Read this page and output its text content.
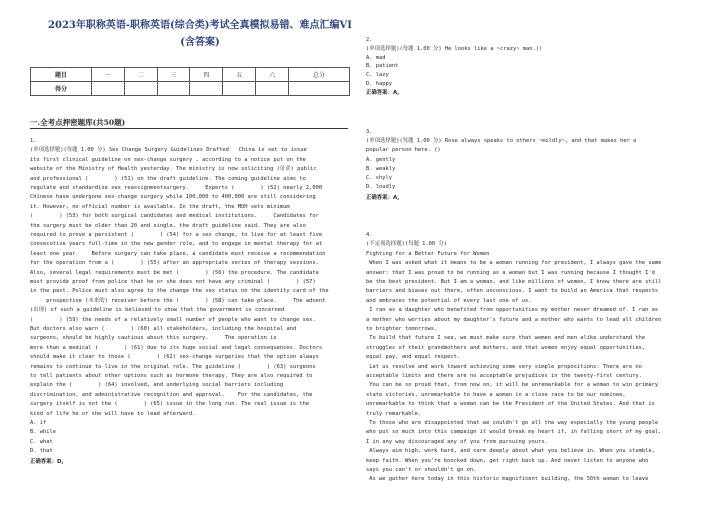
2023年职称英语-职称英语(综合类)考试全真模拟易错、难点汇编VI
(含答案)
题目	一	二	三	四	五	六	总分
得分							
一.全考点押密题库(共50题)
1.
(单项选择题)(每题 1.00 分) Sex Change Surgery Guidelines Drafted   China is set to issue
its first clinical guideline on sex-change surgery , according to a notice put on the
website of the Ministry of Health yesterday. The ministry is now soliciting (征求) public
and professional (        ) (51) on the draft guideline. The coming guideline aims to
regulate and standardize sex reassignmentsurgery.     Experts (        ) (52) nearly 2,000
Chinese have undergone sex-change surgery while 100,000 to 400,000 are still considering
it. However, no official number is available. In the draft, the MOH sets minimum
(        ) (53) for both surgical candidates and medical institutions.     Candidates for
the surgery must be older than 20 and single, the draft guideline said. They are also
required to prove a persistent (        ) (54) for a sex change, to live for at least five
consecutive years full-time in the new gender role, and to engage in mental therapy for at
least one year.    Before surgery can take place, a candidate must receive a recommendation
for the operation from a (        ) (55) after an appropriate series of therapy sessions.
Also, several legal requirements must be met (        ) (56) the procedure. The candidate
must provide proof from police that he or she does not have any criminal (        ) (57)
in the past. Police must also agree to the change the sex status on the identity card of the
prospective (未来的) receiver before the (        ) (58) can take place.     The advent
(出现) of such a guideline is believed to show that the government is concerned
(        ) (59) the needs of a relatively small number of people who want to change sex.
But doctors also warn (        ) (60) all stakeholders, including the hospital and
surgeons, should be highly cautious about this surgery.     The operation is
more than a medical (        ) (61) due to its huge social and legal consequences. Doctors
should make it clear to those (        ) (62) sex-change surgeries that the option always
remains to continue to live in the original role. The guideline (        ) (63) surgeons
to tell patients about other options such as hormone therapy. They are also required to
explain the (        ) (64) involved, and underlying social barriers including
discrimination, and administrative recognition and approval.    For the candidates, the
surgery itself is not the (        ) (65) issue in the long run. The real issue is the
kind of life he or she will have to lead afterward.
A. if
B. while
C. what
D. that
正确答案：D,
2.
(单项选择题)(每题 1.00 分) He looks like a ~crazy~ man.()
A. mad
B. patient
C. lazy
D. happy
正确答案：A,
3.
(单项选择题)(每题 1.00 分) Rose always speaks to others ~mildly~, and that makes her a
popular person here. ()
A. gently
B. weakly
C. shyly
D. loudly
正确答案：A,
4.
(不定项选择题)(每题 1.00 分)
Fighting for a Better Future for Women
When I was asked what it means to be a woman running for president, I always gave the same
answer: that I was proud to be running as a woman but I was running because I thought I'd
be the best president. But I am a woman, and like millions of women, I know there are still
barriers and biases out there, often unconscious. I want to build an America that respects
and embraces the potential of every last one of us.
I ran as a daughter who benefited from opportunities my mother never dreamed of. I ran as
a mother who worries about my daughter's future and a mother who wants to lead all children
to brighter tomorrows.
To build that future I see, we must make sure that women and men alike understand the
struggles of their grandmothers and mothers, and that women enjoy equal opportunities,
equal pay, and equal respect.
Let us resolve and work toward achieving some very simple propositions: There are no
acceptable limits and there are no acceptable prejudices in the twenty-first century.
You can be so proud that, from now on, it will be unremarkable for a woman to win primary
state victories, unremarkable to have a woman in a close race to be our nominee,
unremarkable to think that a woman can be the President of the United States. And that is
truly remarkable.
To those who are disappointed that we couldn't go all the way especially the young people
who put so much into this campaign it would break my heart if, in falling short of my goal,
I in any way discouraged any of you from pursuing yours.
Always aim high, work hard, and care deeply about what you believe in. When you stumble,
keep faith. When you're knocked down, get right back up. And never listen to anyone who
says you can't or shouldn't go on.
As we gather here today in this historic magnificent building, the 50th woman to leave
